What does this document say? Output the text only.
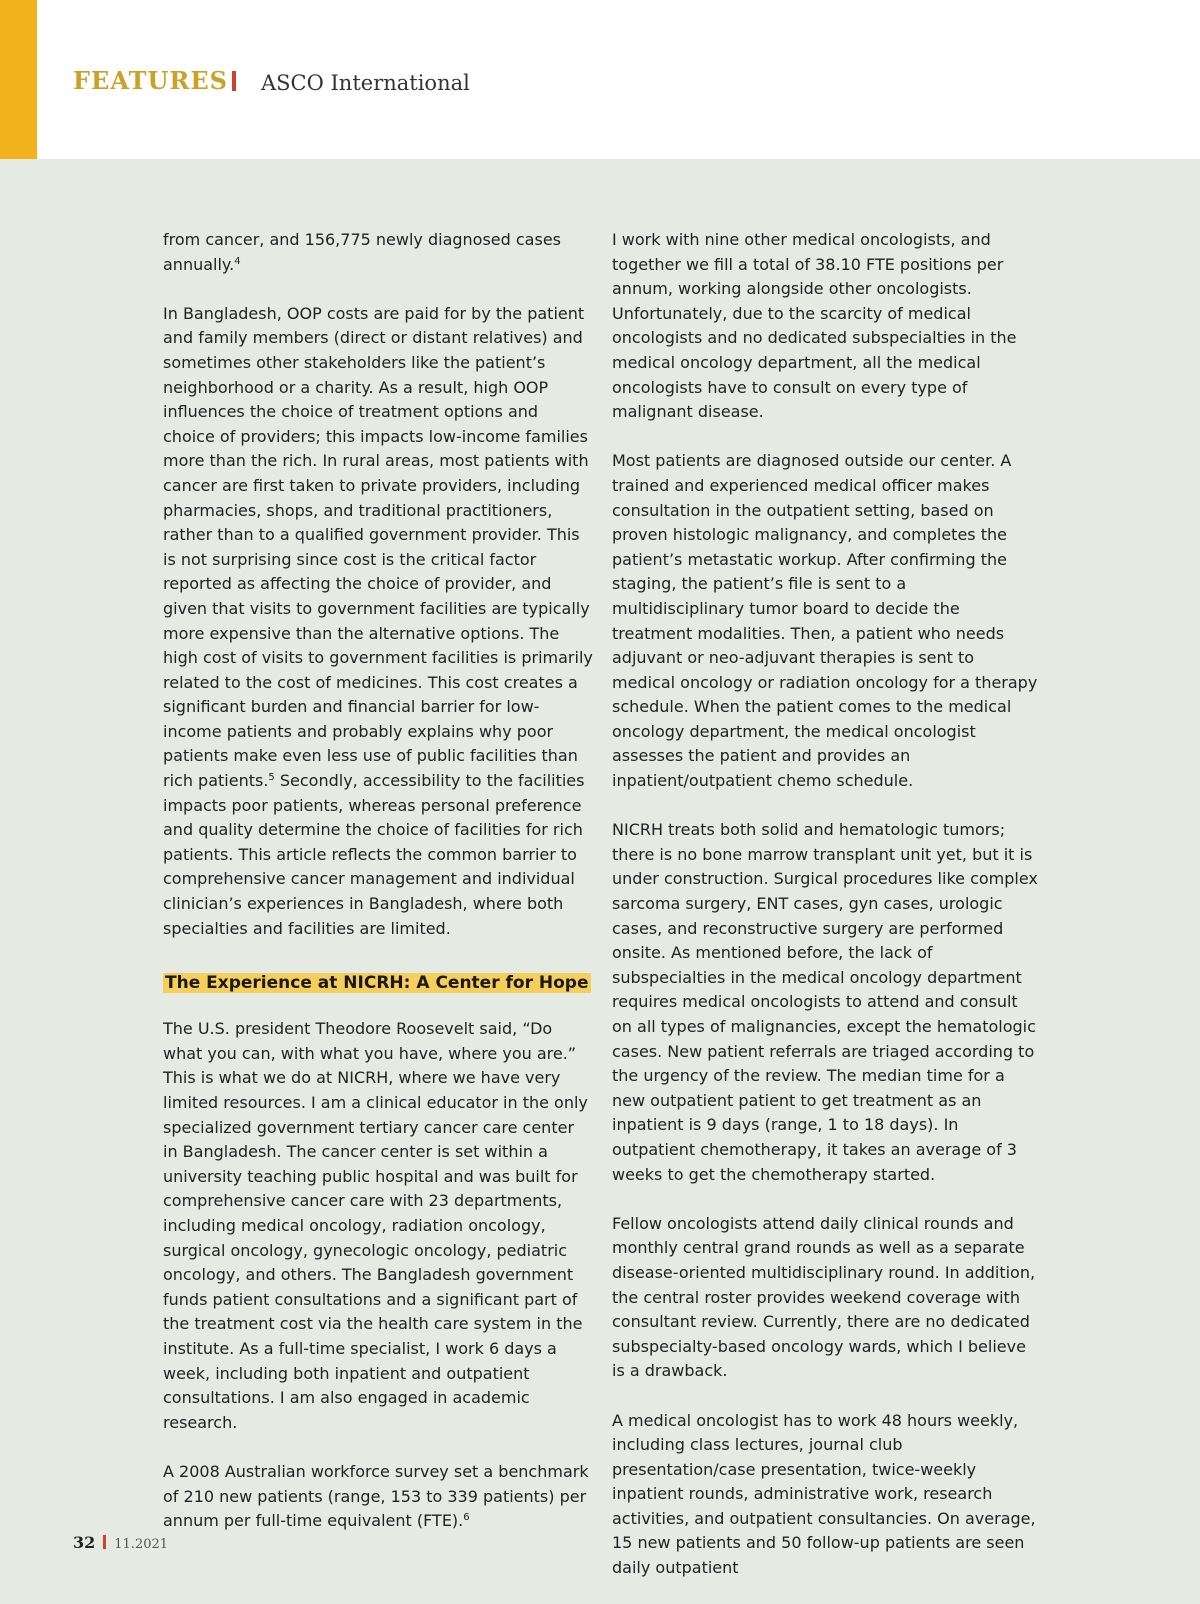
FEATURES ASCO International

from cancer, and 156,775 newly diagnosed cases annually.$^4$

In Bangladesh, OOP costs are paid for by the patient and family members (direct or distant relatives) and sometimes other stakeholders like the patient’s neighborhood or a charity. As a result, high OOP influences the choice of treatment options and choice of providers; this impacts low-income families more than the rich. In rural areas, most patients with cancer are first taken to private providers, including pharmacies, shops, and traditional practitioners, rather than to a qualified government provider. This is not surprising since cost is the critical factor reported as affecting the choice of provider, and given that visits to government facilities are typically more expensive than the alternative options. The high cost of visits to government facilities is primarily related to the cost of medicines. This cost creates a significant burden and financial barrier for low-income patients and probably explains why poor patients make even less use of public facilities than rich patients.$^5$ Secondly, accessibility to the facilities impacts poor patients, whereas personal preference and quality determine the choice of facilities for rich patients. This article reflects the common barrier to comprehensive cancer management and individual clinician’s experiences in Bangladesh, where both specialties and facilities are limited.

The Experience at NICRH: A Center for Hope

The U.S. president Theodore Roosevelt said, “Do what you can, with what you have, where you are.” This is what we do at NICRH, where we have very limited resources. I am a clinical educator in the only specialized government tertiary cancer care center in Bangladesh. The cancer center is set within a university teaching public hospital and was built for comprehensive cancer care with 23 departments, including medical oncology, radiation oncology, surgical oncology, gynecologic oncology, pediatric oncology, and others. The Bangladesh government funds patient consultations and a significant part of the treatment cost via the health care system in the institute. As a full-time specialist, I work 6 days a week, including both inpatient and outpatient consultations. I am also engaged in academic research.

A 2008 Australian workforce survey set a benchmark of 210 new patients (range, 153 to 339 patients) per annum per full-time equivalent (FTE).$^6$

I work with nine other medical oncologists, and together we fill a total of 38.10 FTE positions per annum, working alongside other oncologists. Unfortunately, due to the scarcity of medical oncologists and no dedicated subspecialties in the medical oncology department, all the medical oncologists have to consult on every type of malignant disease.

Most patients are diagnosed outside our center. A trained and experienced medical officer makes consultation in the outpatient setting, based on proven histologic malignancy, and completes the patient’s metastatic workup. After confirming the staging, the patient’s file is sent to a multidisciplinary tumor board to decide the treatment modalities. Then, a patient who needs adjuvant or neo-adjuvant therapies is sent to medical oncology or radiation oncology for a therapy schedule. When the patient comes to the medical oncology department, the medical oncologist assesses the patient and provides an inpatient/outpatient chemo schedule.

NICRH treats both solid and hematologic tumors; there is no bone marrow transplant unit yet, but it is under construction. Surgical procedures like complex sarcoma surgery, ENT cases, gyn cases, urologic cases, and reconstructive surgery are performed onsite. As mentioned before, the lack of subspecialties in the medical oncology department requires medical oncologists to attend and consult on all types of malignancies, except the hematologic cases. New patient referrals are triaged according to the urgency of the review. The median time for a new outpatient patient to get treatment as an inpatient is 9 days (range, 1 to 18 days). In outpatient chemotherapy, it takes an average of 3 weeks to get the chemotherapy started.

Fellow oncologists attend daily clinical rounds and monthly central grand rounds as well as a separate disease-oriented multidisciplinary round. In addition, the central roster provides weekend coverage with consultant review. Currently, there are no dedicated subspecialty-based oncology wards, which I believe is a drawback.

A medical oncologist has to work 48 hours weekly, including class lectures, journal club presentation/case presentation, twice-weekly inpatient rounds, administrative work, research activities, and outpatient consultancies. On average, 15 new patients and 50 follow-up patients are seen daily outpatient

32 11.2021
